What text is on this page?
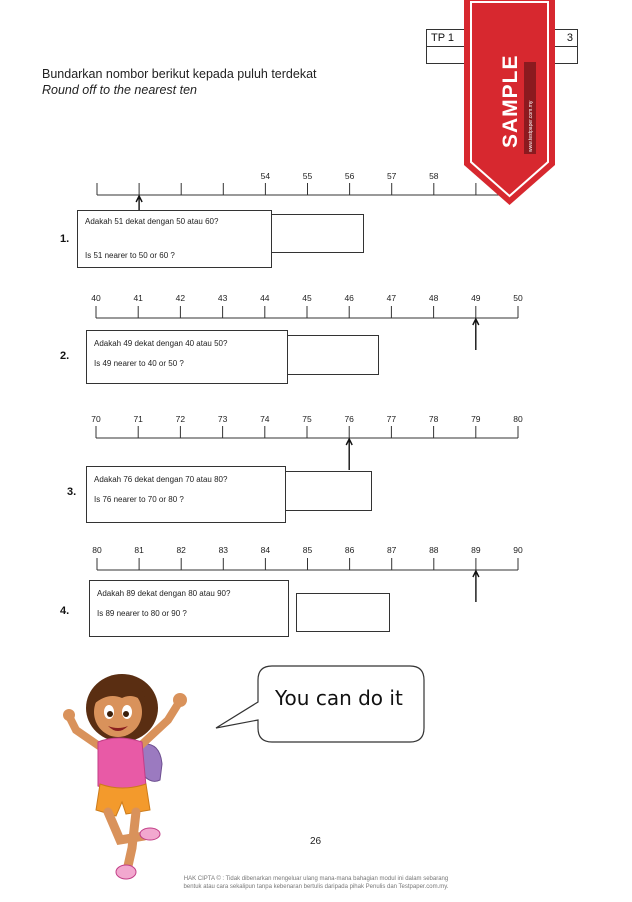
TP 1		3

Bundarkan nombor berikut kepada puluh terdekat
Round off to the nearest ten
54	55	56	57	58
40	41	42	43	44	45	46	47	48	49	50
70	71	72	73	74	75	76	77	78	79	80
80	81	82	83	84	85	86	87	88	89	90
1.
Adakah 51 dekat dengan 50 atau 60?
Is 51 nearer to 50 or 60 ?
2.
Adakah 49 dekat dengan 40 atau 50?
Is 49 nearer to 40 or 50 ?
3.
Adakah 76 dekat dengan 70 atau 80?
Is 76 nearer to 70 or 80 ?
4.
Adakah 89 dekat dengan 80 atau 90?
Is 89 nearer to 80 or 90 ?
You can do it
26
HAK CIPTA © : Tidak dibenarkan mengeluar ulang mana-mana bahagian modul ini dalam sebarang
bentuk atau cara sekalipun tanpa kebenaran bertulis daripada pihak Penulis dan Testpaper.com.my.
SAMPLE www.testpaper.com.my
